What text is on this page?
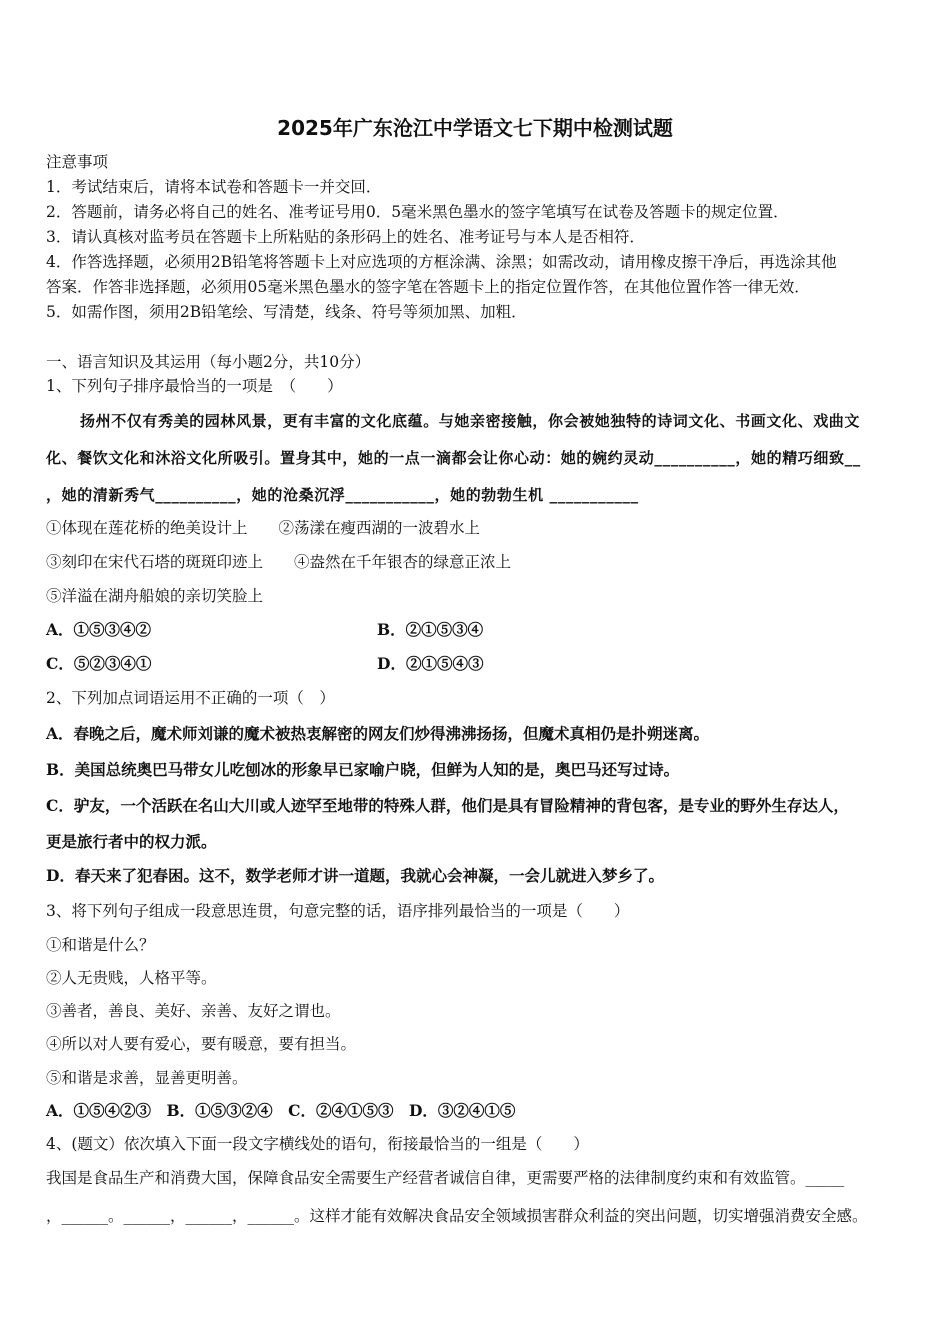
2025年广东沧江中学语文七下期中检测试题
注意事项
1．考试结束后，请将本试卷和答题卡一并交回．
2．答题前，请务必将自己的姓名、准考证号用0．5毫米黑色墨水的签字笔填写在试卷及答题卡的规定位置．
3．请认真核对监考员在答题卡上所粘贴的条形码上的姓名、准考证号与本人是否相符．
4．作答选择题，必须用2B铅笔将答题卡上对应选项的方框涂满、涂黑；如需改动，请用橡皮擦干净后，再选涂其他
答案．作答非选择题，必须用05毫米黑色墨水的签字笔在答题卡上的指定位置作答，在其他位置作答一律无效．
5．如需作图，须用2B铅笔绘、写清楚，线条、符号等须加黑、加粗．
一、语言知识及其运用（每小题2分，共10分）
1、下列句子排序最恰当的一项是　（　　）
扬州不仅有秀美的园林风景，更有丰富的文化底蕴。与她亲密接触，你会被她独特的诗词文化、书画文化、戏曲文
化、餐饮文化和沐浴文化所吸引。置身其中，她的一点一滴都会让你心动：她的婉约灵动__________，她的精巧细致__
，她的清新秀气__________，她的沧桑沉浮___________，她的勃勃生机 ___________
①体现在莲花桥的绝美设计上　　②荡漾在瘦西湖的一波碧水上
③刻印在宋代石塔的斑斑印迹上　　④盎然在千年银杏的绿意正浓上
⑤洋溢在湖舟船娘的亲切笑脸上
A．①⑤③④②	B．②①⑤③④
C．⑤②③④①	D．②①⑤④③
2、下列加点词语运用不正确的一项（　）
A．春晚之后，魔术师刘谦的魔术被热衷解密的网友们炒得沸沸扬扬，但魔术真相仍是扑朔迷离。
B．美国总统奥巴马带女儿吃刨冰的形象早已家喻户晓，但鲜为人知的是，奥巴马还写过诗。
C．驴友，一个活跃在名山大川或人迹罕至地带的特殊人群，他们是具有冒险精神的背包客，是专业的野外生存达人，
更是旅行者中的权力派。
D．春天来了犯春困。这不，数学老师才讲一道题，我就心会神凝，一会儿就进入梦乡了。
3、将下列句子组成一段意思连贯，句意完整的话，语序排列最恰当的一项是（　　）
①和谐是什么？
②人无贵贱，人格平等。
③善者，善良、美好、亲善、友好之谓也。
④所以对人要有爱心，要有暖意，要有担当。
⑤和谐是求善，显善更明善。
A．①⑤④②③　B．①⑤③②④　C．②④①⑤③　D．③②④①⑤
4、(题文）依次填入下面一段文字横线处的语句，衔接最恰当的一组是（　　）
我国是食品生产和消费大国，保障食品安全需要生产经营者诚信自律，更需要严格的法律制度约束和有效监管。_____
，______。______，______，______。这样才能有效解决食品安全领域损害群众利益的突出问题，切实增强消费安全感。
